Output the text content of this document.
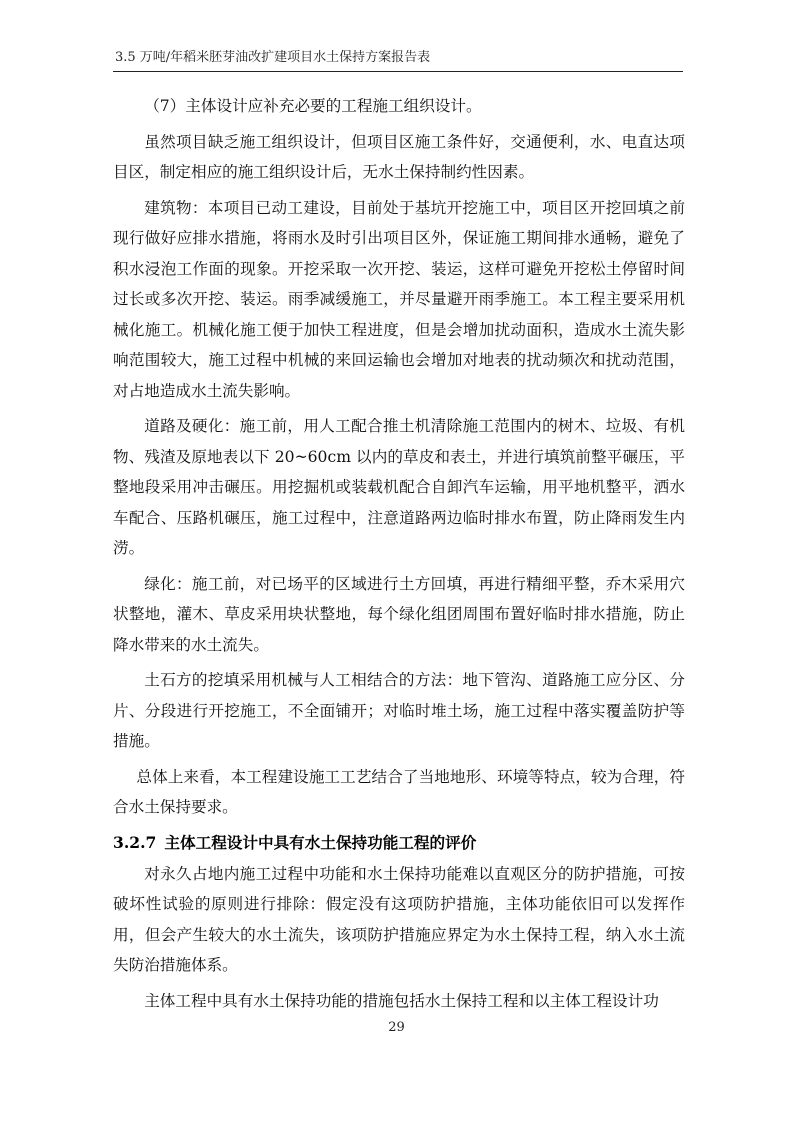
3.5 万吨/年稻米胚芽油改扩建项目水土保持方案报告表

（7）主体设计应补充必要的工程施工组织设计。

虽然项目缺乏施工组织设计，但项目区施工条件好，交通便利，水、电直达项目区，制定相应的施工组织设计后，无水土保持制约性因素。

建筑物：本项目已动工建设，目前处于基坑开挖施工中，项目区开挖回填之前现行做好应排水措施，将雨水及时引出项目区外，保证施工期间排水通畅，避免了积水浸泡工作面的现象。开挖采取一次开挖、装运，这样可避免开挖松土停留时间过长或多次开挖、装运。雨季减缓施工，并尽量避开雨季施工。本工程主要采用机械化施工。机械化施工便于加快工程进度，但是会增加扰动面积，造成水土流失影响范围较大，施工过程中机械的来回运输也会增加对地表的扰动频次和扰动范围，对占地造成水土流失影响。

道路及硬化：施工前，用人工配合推土机清除施工范围内的树木、垃圾、有机物、残渣及原地表以下 20~60cm 以内的草皮和表土，并进行填筑前整平碾压，平整地段采用冲击碾压。用挖掘机或装载机配合自卸汽车运输，用平地机整平，洒水车配合、压路机碾压，施工过程中，注意道路两边临时排水布置，防止降雨发生内涝。

绿化：施工前，对已场平的区域进行土方回填，再进行精细平整，乔木采用穴状整地，灌木、草皮采用块状整地，每个绿化组团周围布置好临时排水措施，防止降水带来的水土流失。

土石方的挖填采用机械与人工相结合的方法：地下管沟、道路施工应分区、分片、分段进行开挖施工，不全面铺开；对临时堆土场，施工过程中落实覆盖防护等措施。

总体上来看，本工程建设施工工艺结合了当地地形、环境等特点，较为合理，符合水土保持要求。

3.2.7 主体工程设计中具有水土保持功能工程的评价

对永久占地内施工过程中功能和水土保持功能难以直观区分的防护措施，可按破坏性试验的原则进行排除：假定没有这项防护措施，主体功能依旧可以发挥作用，但会产生较大的水土流失，该项防护措施应界定为水土保持工程，纳入水土流失防治措施体系。

主体工程中具有水土保持功能的措施包括水土保持工程和以主体工程设计功

29
